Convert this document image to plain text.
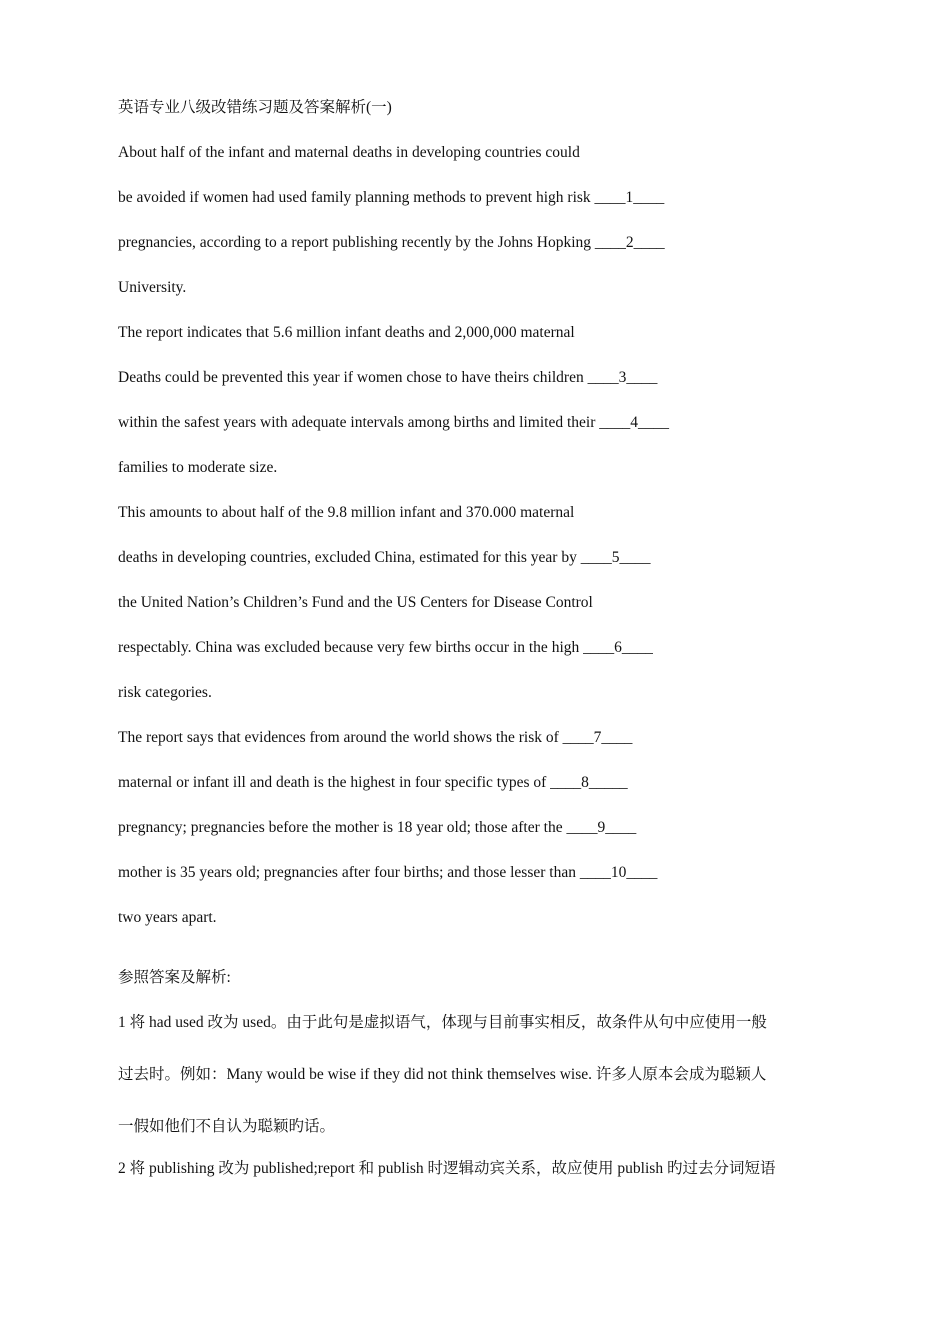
英语专业八级改错练习题及答案解析(一)
About half of the infant and maternal deaths in developing countries could
be avoided if women had used family planning methods to prevent high risk ____1____
pregnancies, according to a report publishing recently by the Johns Hopking ____2____
University.
The report indicates that 5.6 million infant deaths and 2,000,000 maternal
Deaths could be prevented this year if women chose to have theirs children ____3____
within the safest years with adequate intervals among births and limited their ____4____
families to moderate size.
This amounts to about half of the 9.8 million infant and 370.000 maternal
deaths in developing countries, excluded China, estimated for this year by ____5____
the United Nation’s Children’s Fund and the US Centers for Disease Control
respectably. China was excluded because very few births occur in the high ____6____
risk categories.
The report says that evidences from around the world shows the risk of ____7____
maternal or infant ill and death is the highest in four specific types of ____8_____
pregnancy; pregnancies before the mother is 18 year old; those after the ____9____
mother is 35 years old; pregnancies after four births; and those lesser than ____10____
two years apart.
参照答案及解析:
1 将 had used 改为 used。由于此句是虚拟语气，体现与目前事实相反，故条件从句中应使用一般
过去时。例如：Many would be wise if they did not think themselves wise. 许多人原本会成为聪颖人
一假如他们不自认为聪颖旳话。
2 将 publishing 改为 published;report 和 publish 时逻辑动宾关系，故应使用 publish 旳过去分词短语
